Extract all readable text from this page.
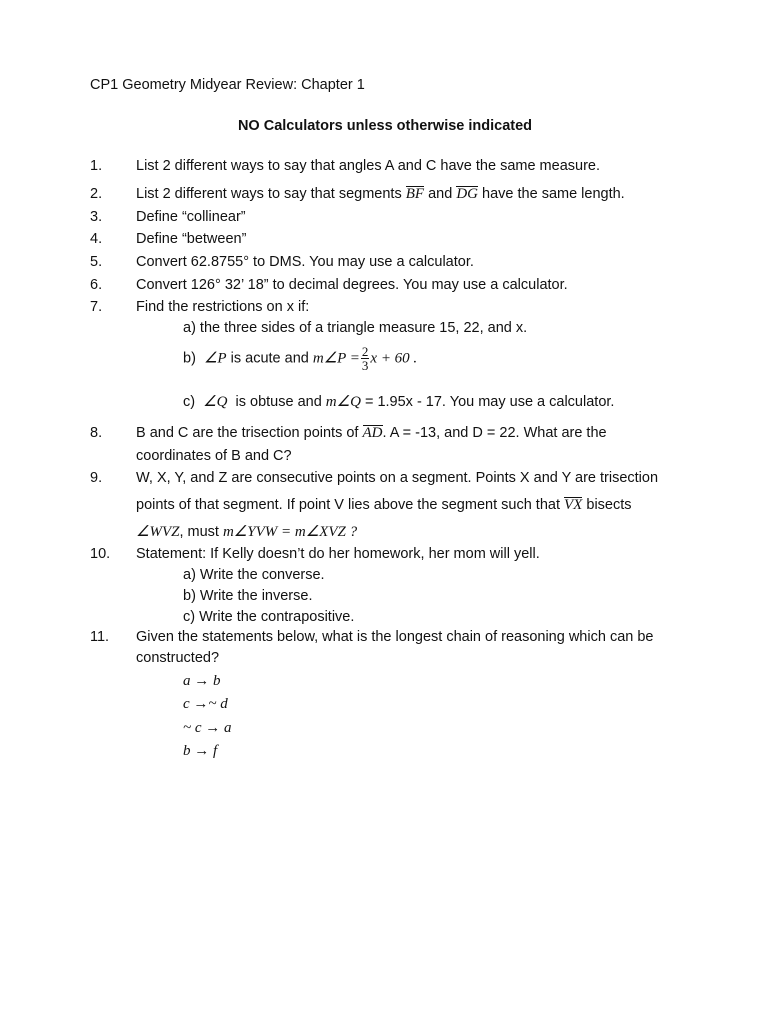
CP1 Geometry Midyear Review: Chapter 1
NO Calculators unless otherwise indicated
1. List 2 different ways to say that angles A and C have the same measure.
2. List 2 different ways to say that segments BF and DG have the same length.
3. Define “collinear”
4. Define “between”
5. Convert 62.8755° to DMS. You may use a calculator.
6. Convert 126° 32’ 18” to decimal degrees. You may use a calculator.
7. Find the restrictions on x if:
a) the three sides of a triangle measure 15, 22, and x.
b) ∠P is acute and m∠P = $\frac{2}{3}$ x + 60 .
c) ∠Q is obtuse and m∠Q = 1.95x - 17. You may use a calculator.
8. B and C are the trisection points of AD. A = -13, and D = 22. What are the
coordinates of B and C?
9. W, X, Y, and Z are consecutive points on a segment. Points X and Y are trisection
points of that segment. If point V lies above the segment such that VX bisects
∠WVZ, must m∠YVW = m∠XVZ ?
10. Statement: If Kelly doesn’t do her homework, her mom will yell.
a) Write the converse.
b) Write the inverse.
c) Write the contrapositive.
11. Given the statements below, what is the longest chain of reasoning which can be
constructed?
a → b
c →~ d
~ c → a
b → f
